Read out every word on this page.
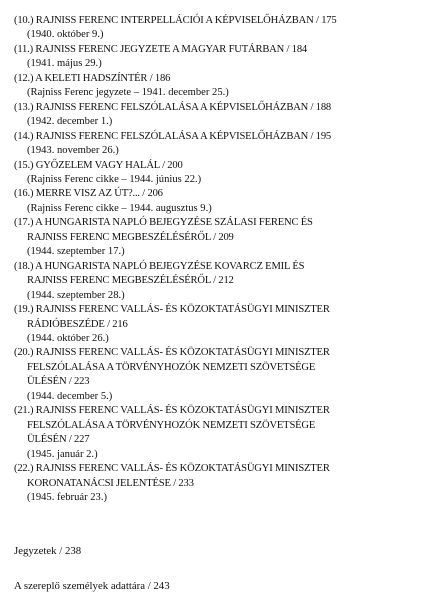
(10.) RAJNISS FERENC INTERPELLÁCIÓI A KÉPVISELŐHÁZBAN / 175
(1940. október 9.)
(11.) RAJNISS FERENC JEGYZETE A MAGYAR FUTÁRBAN / 184
(1941. május 29.)
(12.) A KELETI HADSZÍNTÉR / 186
(Rajniss Ferenc jegyzete – 1941. december 25.)
(13.) RAJNISS FERENC FELSZÓLALÁSA A KÉPVISELŐHÁZBAN / 188
(1942. december 1.)
(14.) RAJNISS FERENC FELSZÓLALÁSA A KÉPVISELŐHÁZBAN / 195
(1943. november 26.)
(15.) GYŐZELEM VAGY HALÁL / 200
(Rajniss Ferenc cikke – 1944. június 22.)
(16.) MERRE VISZ AZ ÚT?... / 206
(Rajniss Ferenc cikke – 1944. augusztus 9.)
(17.) A HUNGARISTA NAPLÓ BEJEGYZÉSE SZÁLASI FERENC ÉS
RAJNISS FERENC MEGBESZÉLÉSÉRŐL / 209
(1944. szeptember 17.)
(18.) A HUNGARISTA NAPLÓ BEJEGYZÉSE KOVARCZ EMIL ÉS
RAJNISS FERENC MEGBESZÉLÉSÉRŐL / 212
(1944. szeptember 28.)
(19.) RAJNISS FERENC VALLÁS- ÉS KÖZOKTATÁSÜGYI MINISZTER
RÁDIÓBESZÉDE / 216
(1944. október 26.)
(20.) RAJNISS FERENC VALLÁS- ÉS KÖZOKTATÁSÜGYI MINISZTER
FELSZÓLALÁSA A TÖRVÉNYHOZÓK NEMZETI SZÖVETSÉGE
ÜLÉSÉN / 223
(1944. december 5.)
(21.) RAJNISS FERENC VALLÁS- ÉS KÖZOKTATÁSÜGYI MINISZTER
FELSZÓLALÁSA A TÖRVÉNYHOZÓK NEMZETI SZÖVETSÉGE
ÜLÉSÉN / 227
(1945. január 2.)
(22.) RAJNISS FERENC VALLÁS- ÉS KÖZOKTATÁSÜGYI MINISZTER
KORONATANÁCSI JELENTÉSE / 233
(1945. február 23.)
Jegyzetek / 238
A szereplő személyek adattára / 243
